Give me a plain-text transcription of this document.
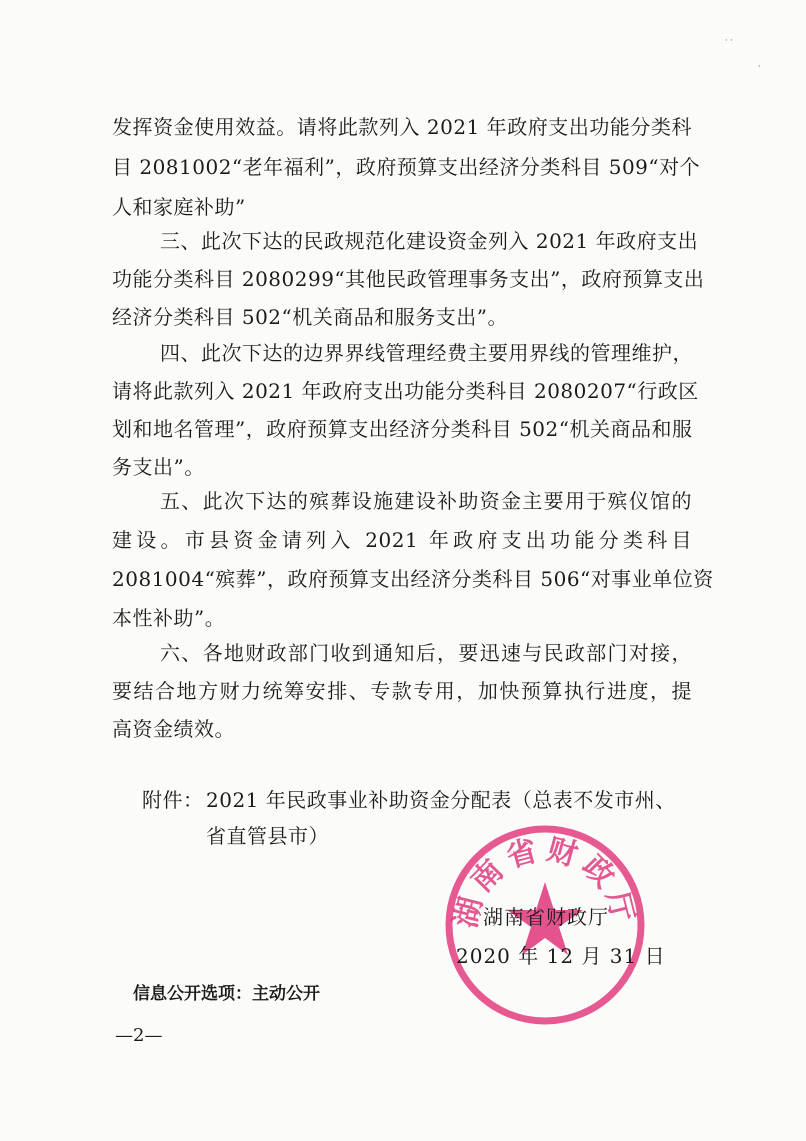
· ·
·
发挥资金使用效益。请将此款列入 2021 年政府支出功能分类科
目 2081002“老年福利”，政府预算支出经济分类科目 509“对个
人和家庭补助”
三、此次下达的民政规范化建设资金列入 2021 年政府支出
功能分类科目 2080299“其他民政管理事务支出”，政府预算支出
经济分类科目 502“机关商品和服务支出”。
四、此次下达的边界界线管理经费主要用界线的管理维护，
请将此款列入 2021 年政府支出功能分类科目 2080207“行政区
划和地名管理”，政府预算支出经济分类科目 502“机关商品和服
务支出”。
五、此次下达的殡葬设施建设补助资金主要用于殡仪馆的
建设。市县资金请列入 2021 年政府支出功能分类科目
2081004“殡葬”，政府预算支出经济分类科目 506“对事业单位资
本性补助”。
六、各地财政部门收到通知后，要迅速与民政部门对接，
要结合地方财力统筹安排、专款专用，加快预算执行进度，提
高资金绩效。
附件： 2021 年民政事业补助资金分配表（总表不发市州、
省直管县市）
湖南省财政厅
湖南省财政厅
2020 年 12 月 31 日
信息公开选项：主动公开
—2—
